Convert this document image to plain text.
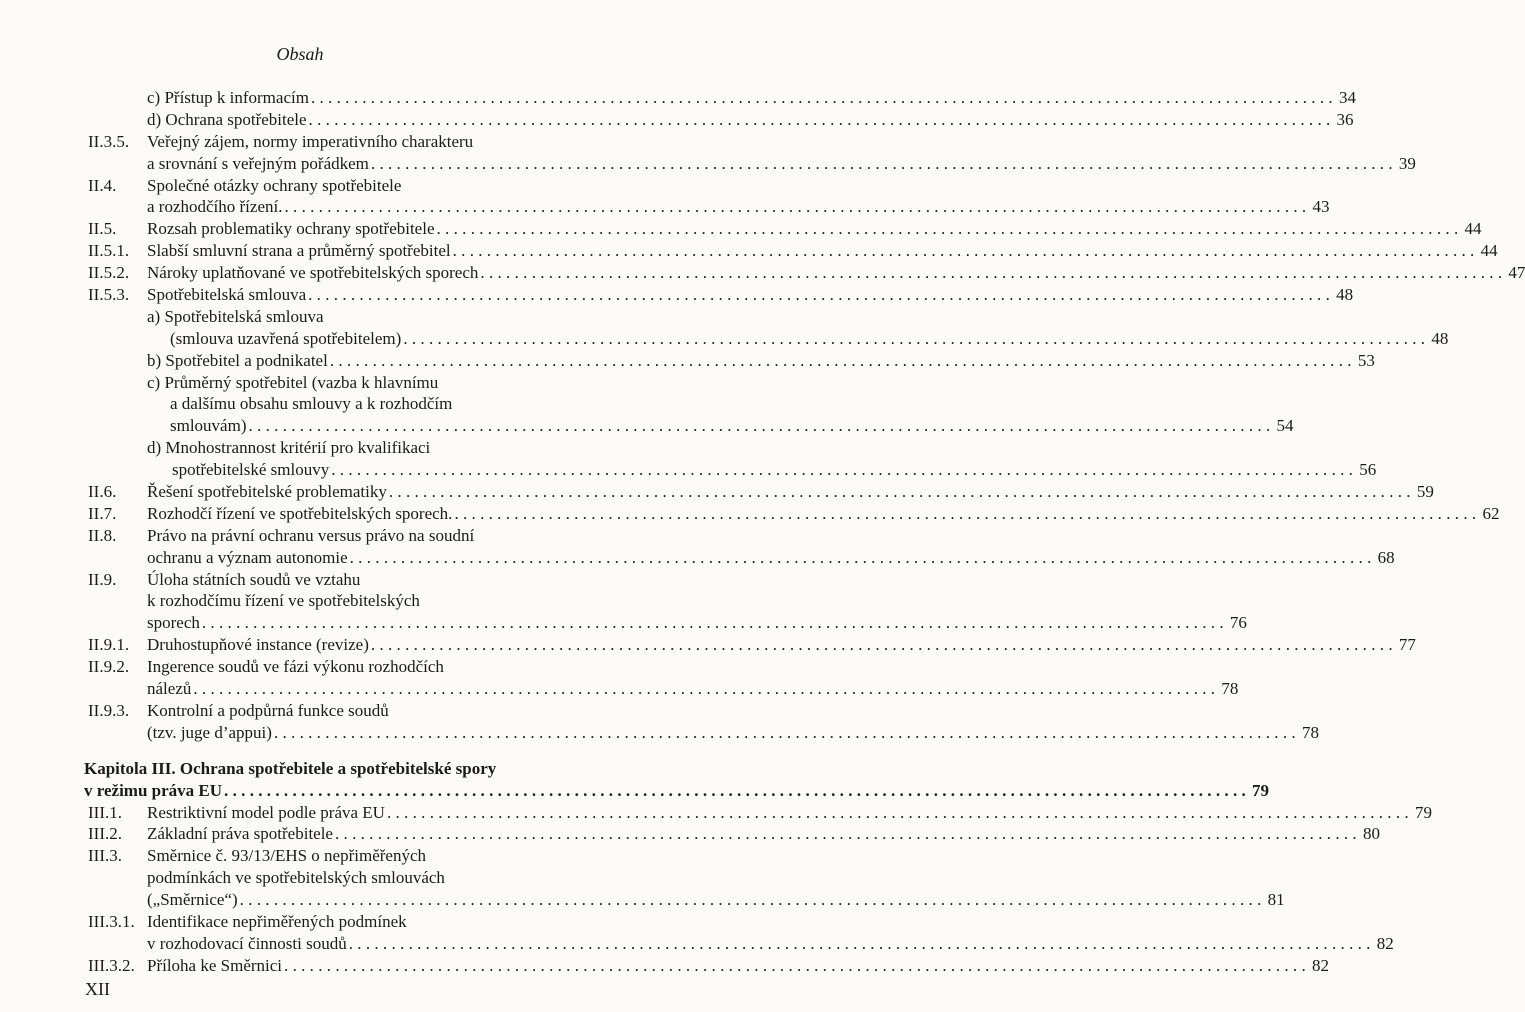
Obsah
c) Přístup k informacím ........................................................................................................................ 34
d) Ochrana spotřebitele ........................................................................................................................ 36
II.3.5. Veřejný zájem, normy imperativního charakteru
a srovnání s veřejným pořádkem ........................................................................................................................ 39
II.4. Společné otázky ochrany spotřebitele
a rozhodčího řízení. ........................................................................................................................ 43
II.5. Rozsah problematiky ochrany spotřebitele ........................................................................................................................ 44
II.5.1. Slabší smluvní strana a průměrný spotřebitel ........................................................................................................................ 44
II.5.2. Nároky uplatňované ve spotřebitelských sporech ........................................................................................................................ 47
II.5.3. Spotřebitelská smlouva ........................................................................................................................ 48
a) Spotřebitelská smlouva
(smlouva uzavřená spotřebitelem) ........................................................................................................................ 48
b) Spotřebitel a podnikatel ........................................................................................................................ 53
c) Průměrný spotřebitel (vazba k hlavnímu
a dalšímu obsahu smlouvy a k rozhodčím
smlouvám) ........................................................................................................................ 54
d) Mnohostrannost kritérií pro kvalifikaci
spotřebitelské smlouvy ........................................................................................................................ 56
II.6. Řešení spotřebitelské problematiky ........................................................................................................................ 59
II.7. Rozhodčí řízení ve spotřebitelských sporech. ........................................................................................................................ 62
II.8. Právo na právní ochranu versus právo na soudní
ochranu a význam autonomie ........................................................................................................................ 68
II.9. Úloha státních soudů ve vztahu
k rozhodčímu řízení ve spotřebitelských
sporech ........................................................................................................................ 76
II.9.1. Druhostupňové instance (revize) ........................................................................................................................ 77
II.9.2. Ingerence soudů ve fázi výkonu rozhodčích
nálezů ........................................................................................................................ 78
II.9.3. Kontrolní a podpůrná funkce soudů
(tzv. juge d’appui) ........................................................................................................................ 78
Kapitola III. Ochrana spotřebitele a spotřebitelské spory
v režimu práva EU ........................................................................................................................ 79
III.1. Restriktivní model podle práva EU ........................................................................................................................ 79
III.2. Základní práva spotřebitele ........................................................................................................................ 80
III.3. Směrnice č. 93/13/EHS o nepřiměřených
podmínkách ve spotřebitelských smlouvách
(„Směrnice“) ........................................................................................................................ 81
III.3.1. Identifikace nepřiměřených podmínek
v rozhodovací činnosti soudů ........................................................................................................................ 82
III.3.2. Příloha ke Směrnici ........................................................................................................................ 82
XII
